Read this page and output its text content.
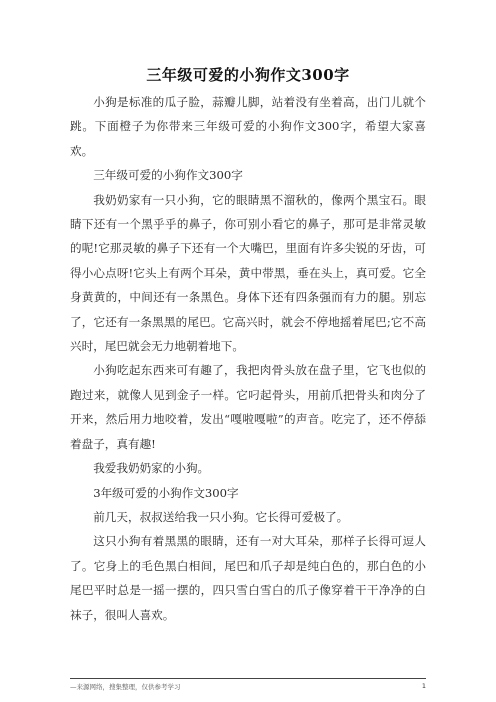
三年级可爱的小狗作文300字

小狗是标准的瓜子脸，蒜瓣儿脚，站着没有坐着高，出门儿就个跳。下面橙子为你带来三年级可爱的小狗作文300字，希望大家喜欢。

三年级可爱的小狗作文300字

我奶奶家有一只小狗，它的眼睛黑不溜秋的，像两个黑宝石。眼睛下还有一个黑乎乎的鼻子，你可别小看它的鼻子，那可是非常灵敏的呢!它那灵敏的鼻子下还有一个大嘴巴，里面有许多尖锐的牙齿，可得小心点呀!它头上有两个耳朵，黄中带黑，垂在头上，真可爱。它全身黄黄的，中间还有一条黑色。身体下还有四条强而有力的腿。别忘了，它还有一条黑黑的尾巴。它高兴时，就会不停地摇着尾巴;它不高兴时，尾巴就会无力地朝着地下。

小狗吃起东西来可有趣了，我把肉骨头放在盘子里，它飞也似的跑过来，就像人见到金子一样。它叼起骨头，用前爪把骨头和肉分了开来，然后用力地咬着，发出“嘎啦嘎啦”的声音。吃完了，还不停舔着盘子，真有趣!

我爱我奶奶家的小狗。

3年级可爱的小狗作文300字

前几天，叔叔送给我一只小狗。它长得可爱极了。

这只小狗有着黑黑的眼睛，还有一对大耳朵，那样子长得可逗人了。它身上的毛色黑白相间，尾巴和爪子却是纯白色的，那白色的小尾巴平时总是一摇一摆的，四只雪白雪白的爪子像穿着干干净净的白袜子，很叫人喜欢。

—来源网络，搜集整理，仅供参考学习	1
